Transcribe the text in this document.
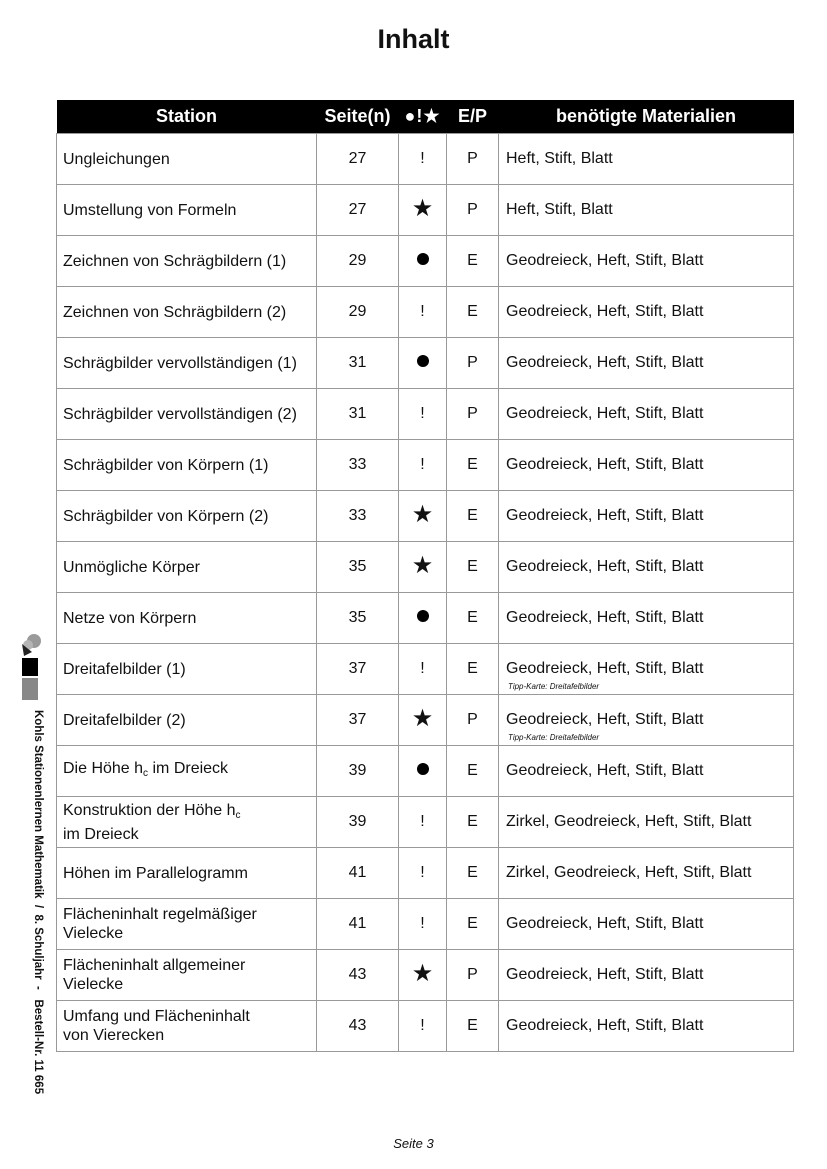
Inhalt
Station	Seite(n)	●!★	E/P	benötigte Materialien
Ungleichungen	27	!	P	Heft, Stift, Blatt
Umstellung von Formeln	27	★	P	Heft, Stift, Blatt
Zeichnen von Schrägbildern (1)	29		E	Geodreieck, Heft, Stift, Blatt
Zeichnen von Schrägbildern (2)	29	!	E	Geodreieck, Heft, Stift, Blatt
Schrägbilder vervollständigen (1)	31		P	Geodreieck, Heft, Stift, Blatt
Schrägbilder vervollständigen (2)	31	!	P	Geodreieck, Heft, Stift, Blatt
Schrägbilder von Körpern (1)	33	!	E	Geodreieck, Heft, Stift, Blatt
Schrägbilder von Körpern (2)	33	★	E	Geodreieck, Heft, Stift, Blatt
Unmögliche Körper	35	★	E	Geodreieck, Heft, Stift, Blatt
Netze von Körpern	35		E	Geodreieck, Heft, Stift, Blatt
Dreitafelbilder (1)	37	!	E	Geodreieck, Heft, Stift, Blatt
Tipp-Karte: Dreitafelbilder

Dreitafelbilder (2)	37	★	P	Geodreieck, Heft, Stift, Blatt
Tipp-Karte: Dreitafelbilder

Die Höhe $h_c$ im Dreieck	39		E	Geodreieck, Heft, Stift, Blatt
Konstruktion der Höhe $h_c$
im Dreieck	39	!	E	Zirkel, Geodreieck, Heft, Stift, Blatt
Höhen im Parallelogramm	41	!	E	Zirkel, Geodreieck, Heft, Stift, Blatt
Flächeninhalt regelmäßiger
Vielecke	41	!	E	Geodreieck, Heft, Stift, Blatt
Flächeninhalt allgemeiner
Vielecke	43	★	P	Geodreieck, Heft, Stift, Blatt
Umfang und Flächeninhalt
von Vierecken	43	!	E	Geodreieck, Heft, Stift, Blatt
Kohls Stationenlernen Mathematik  /  8. Schuljahr  -   Bestell-Nr. 11 665
Seite 3
